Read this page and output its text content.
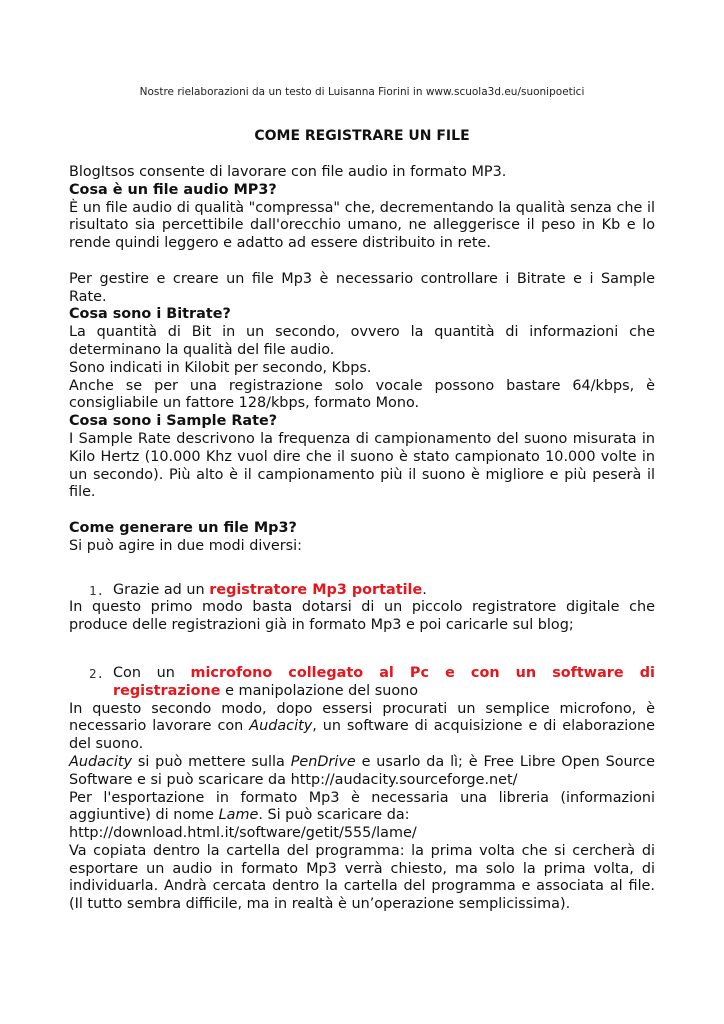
Nostre rielaborazioni da un testo di Luisanna Fiorini in www.scuola3d.eu/suonipoetici
COME REGISTRARE UN FILE

BlogItsos consente di lavorare con file audio in formato MP3.

Cosa è un file audio MP3?

È un file audio di qualità "compressa" che, decrementando la qualità senza che il risultato sia percettibile dall'orecchio umano, ne alleggerisce il peso in Kb e lo rende quindi leggero e adatto ad essere distribuito in rete.

Per gestire e creare un file Mp3 è necessario controllare i Bitrate e i Sample Rate.

Cosa sono i Bitrate?

La quantità di Bit in un secondo, ovvero la quantità di informazioni che determinano la qualità del file audio.

Sono indicati in Kilobit per secondo, Kbps.

Anche se per una registrazione solo vocale possono bastare 64/kbps, è consigliabile un fattore 128/kbps, formato Mono.

Cosa sono i Sample Rate?

I Sample Rate descrivono la frequenza di campionamento del suono misurata in Kilo Hertz (10.000 Khz vuol dire che il suono è stato campionato 10.000 volte in un secondo). Più alto è il campionamento più il suono è migliore e più peserà il file.

Come generare un file Mp3?

Si può agire in due modi diversi:

1. Grazie ad un registratore Mp3 portatile.

In questo primo modo basta dotarsi di un piccolo registratore digitale che produce delle registrazioni già in formato Mp3 e poi caricarle sul blog;

2. Con un microfono collegato al Pc e con un software di registrazione e manipolazione del suono

In questo secondo modo, dopo essersi procurati un semplice microfono, è necessario lavorare con Audacity, un software di acquisizione e di elaborazione del suono.

Audacity si può mettere sulla PenDrive e usarlo da lì; è Free Libre Open Source Software e si può scaricare da http://audacity.sourceforge.net/

Per l'esportazione in formato Mp3 è necessaria una libreria (informazioni aggiuntive) di nome Lame. Si può scaricare da:

http://download.html.it/software/getit/555/lame/

Va copiata dentro la cartella del programma: la prima volta che si cercherà di esportare un audio in formato Mp3 verrà chiesto, ma solo la prima volta, di individuarla. Andrà cercata dentro la cartella del programma e associata al file. (Il tutto sembra difficile, ma in realtà è un’operazione semplicissima).
